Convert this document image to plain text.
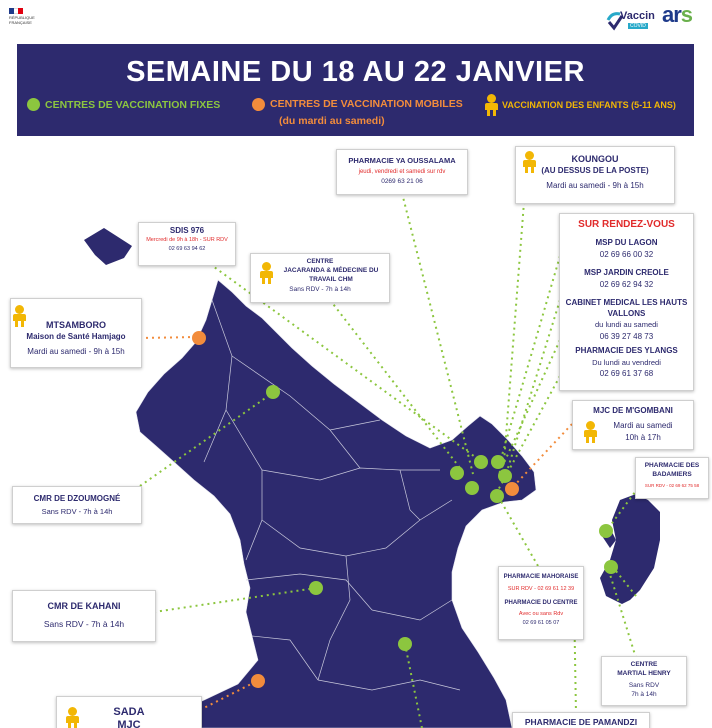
RÉPUBLIQUE
FRANÇAISE
Vaccin
COVID ars
SEMAINE DU 18 AU 22 JANVIER
CENTRES DE VACCINATION FIXES	CENTRES DE VACCINATION MOBILES
(du mardi au samedi)
VACCINATION DES ENFANTS (5-11 ANS)
PHARMACIE YA OUSSALAMA
jeudi, vendredi et samedi sur rdv
0269 63 21 06
KOUNGOU
(AU DESSUS DE LA POSTE)
Mardi au samedi - 9h à 15h
SDIS 976
Mercredi de 9h à 18h - SUR RDV
02 69 63 94 62
CENTRE
JACARANDA & MÉDECINE DU TRAVAIL CHM
Sans RDV - 7h à 14h
SUR RENDEZ-VOUS
MSP DU LAGON
02 69 66 00 32
MSP JARDIN CREOLE
02 69 62 94 32
CABINET MEDICAL LES HAUTS VALLONS
du lundi au samedi
06 39 27 48 73
PHARMACIE DES YLANGS
Du lundi au vendredi
02 69 61 37 68
MTSAMBORO
Maison de Santé Hamjago
Mardi au samedi - 9h à 15h
MJC DE M'GOMBANI
Mardi au samedi
10h à 17h
PHARMACIE DES BADAMIERS
SUR RDV - 02 69 62 75 58
CMR DE DZOUMOGNÉ
Sans RDV - 7h à 14h
CMR DE KAHANI
Sans RDV - 7h à 14h
PHARMACIE MAHORAISE
SUR RDV - 02 69 61 12 39
PHARMACIE DU CENTRE
Avec ou sans Rdv
02 69 61 05 07
CENTRE
MARTIAL HENRY
Sans RDV
7h à 14h
SADA
MJC	PHARMACIE DE PAMANDZI
